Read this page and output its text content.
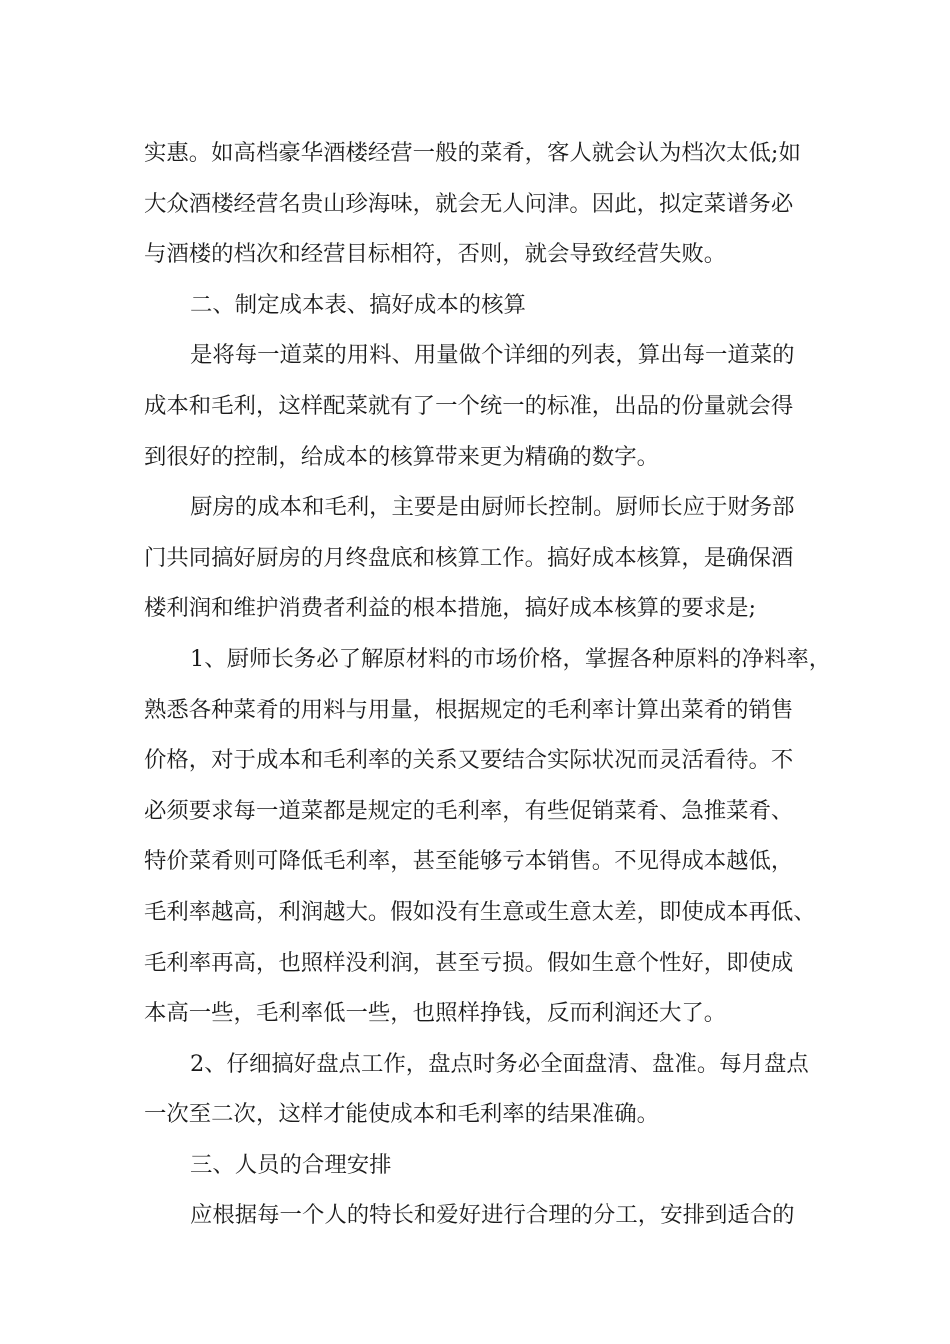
实惠。如高档豪华酒楼经营一般的菜肴，客人就会认为档次太低;如
大众酒楼经营名贵山珍海味，就会无人问津。因此，拟定菜谱务必
与酒楼的档次和经营目标相符，否则，就会导致经营失败。
二、制定成本表、搞好成本的核算
是将每一道菜的用料、用量做个详细的列表，算出每一道菜的
成本和毛利，这样配菜就有了一个统一的标准，出品的份量就会得
到很好的控制，给成本的核算带来更为精确的数字。
厨房的成本和毛利，主要是由厨师长控制。厨师长应于财务部
门共同搞好厨房的月终盘底和核算工作。搞好成本核算，是确保酒
楼利润和维护消费者利益的根本措施，搞好成本核算的要求是;
1、厨师长务必了解原材料的市场价格，掌握各种原料的净料率，
熟悉各种菜肴的用料与用量，根据规定的毛利率计算出菜肴的销售
价格，对于成本和毛利率的关系又要结合实际状况而灵活看待。不
必须要求每一道菜都是规定的毛利率，有些促销菜肴、急推菜肴、
特价菜肴则可降低毛利率，甚至能够亏本销售。不见得成本越低，
毛利率越高，利润越大。假如没有生意或生意太差，即使成本再低、
毛利率再高，也照样没利润，甚至亏损。假如生意个性好，即使成
本高一些，毛利率低一些，也照样挣钱，反而利润还大了。
2、仔细搞好盘点工作，盘点时务必全面盘清、盘准。每月盘点
一次至二次，这样才能使成本和毛利率的结果准确。
三、人员的合理安排
应根据每一个人的特长和爱好进行合理的分工，安排到适合的
